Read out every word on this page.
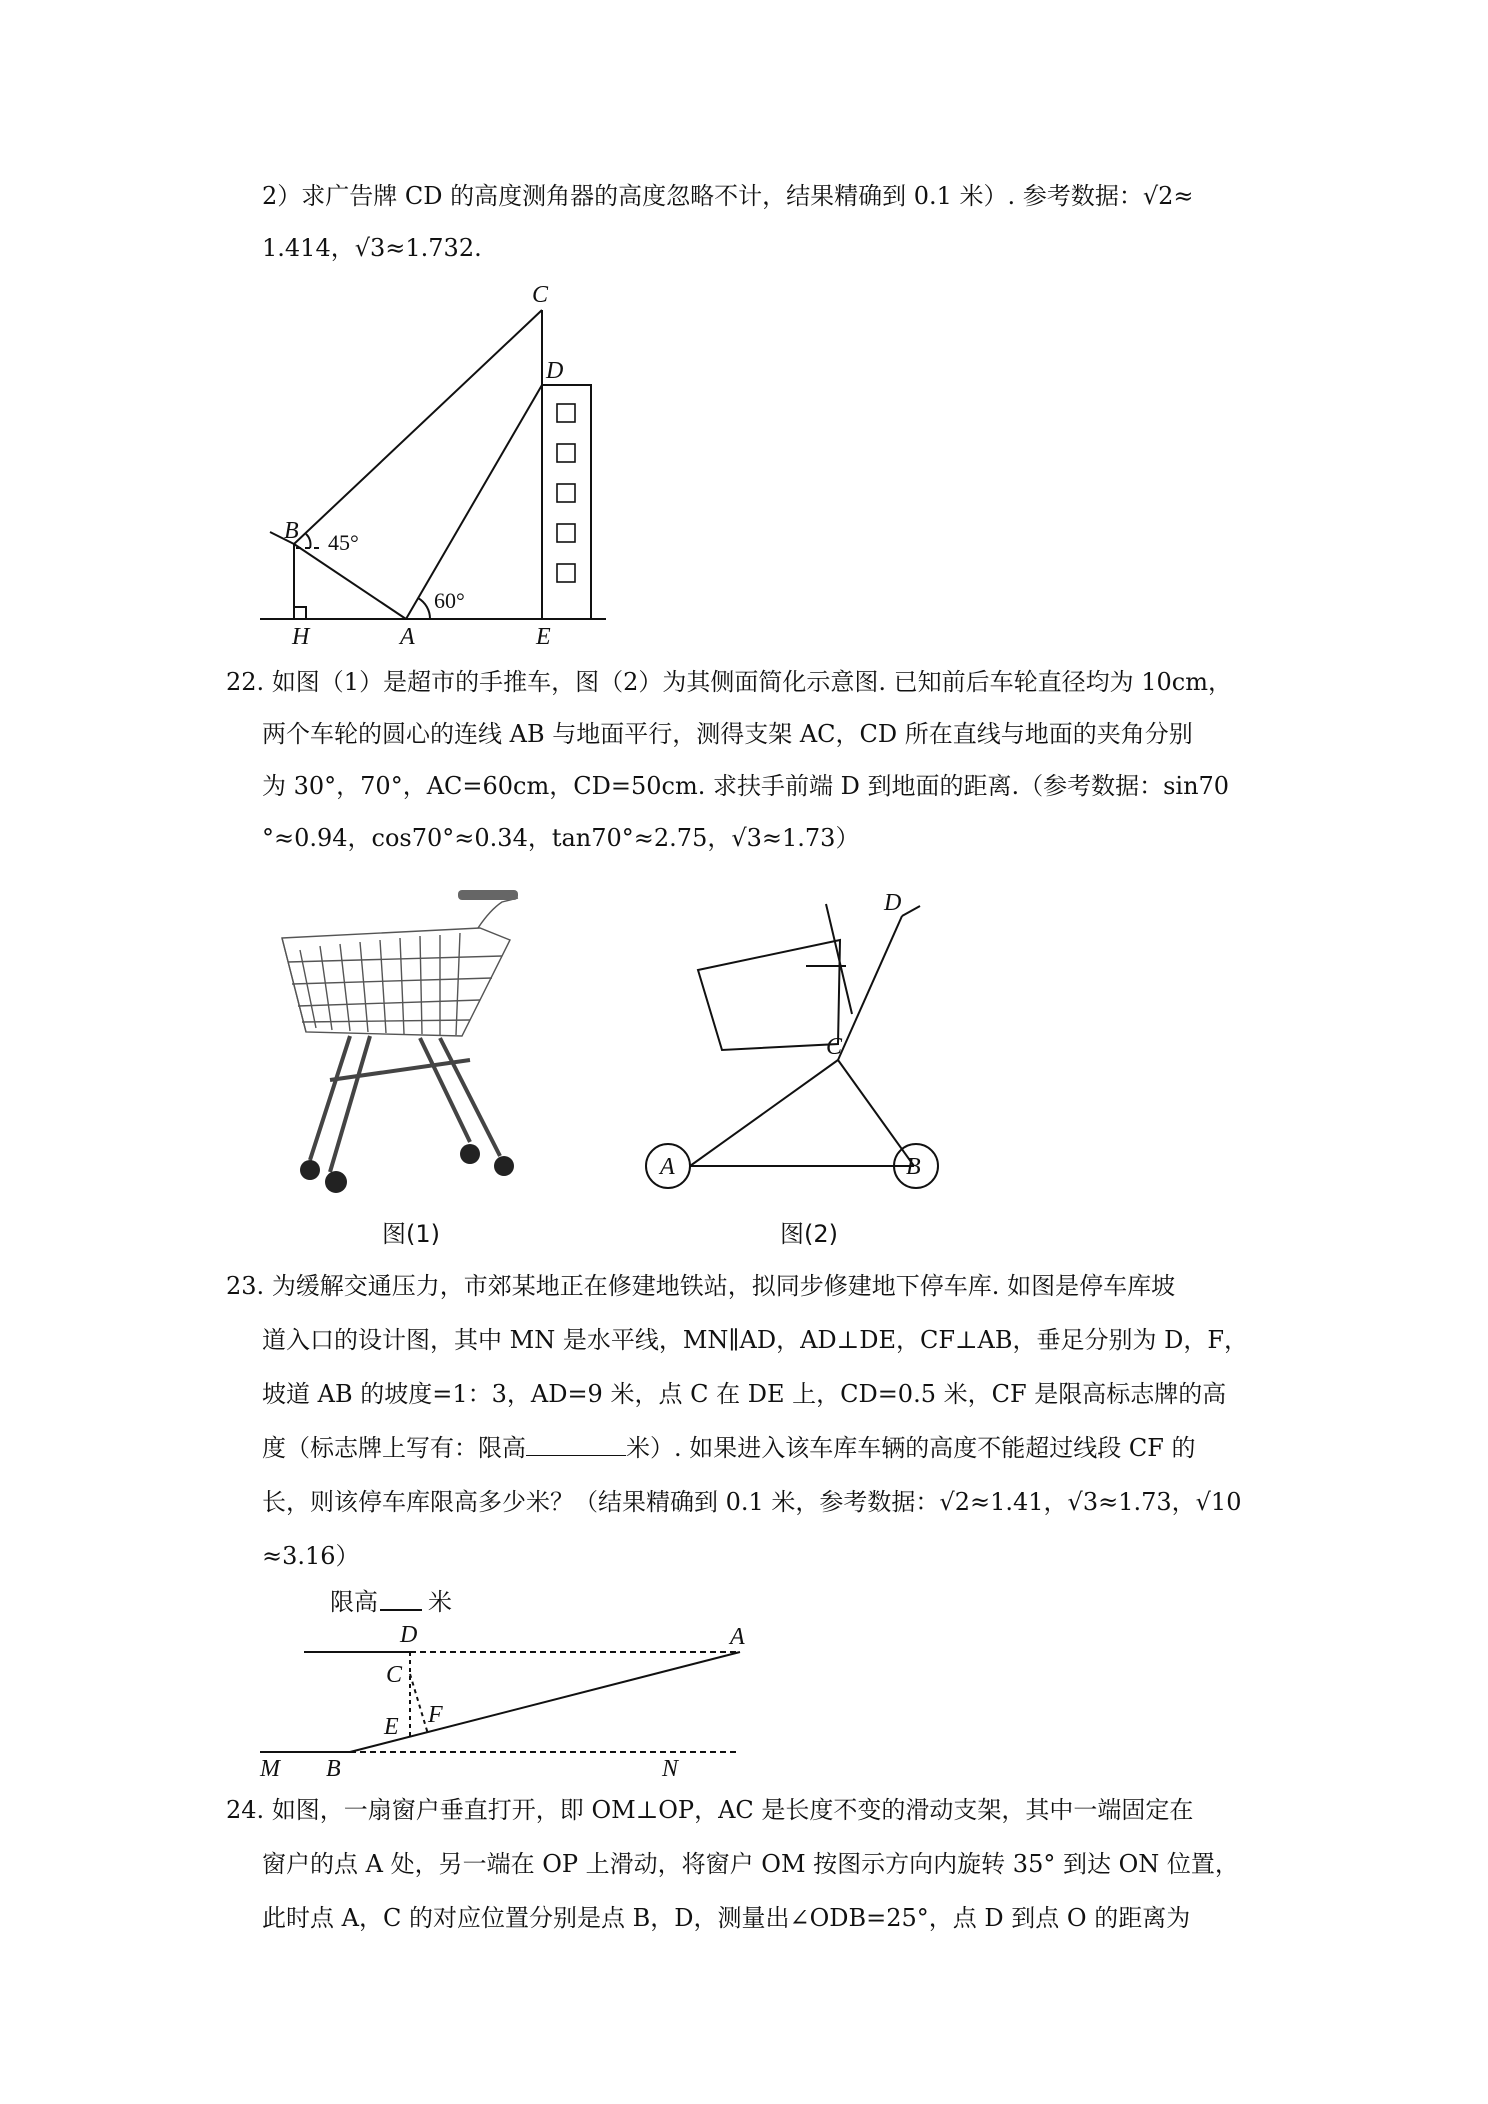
2）求广告牌 CD 的高度测角器的高度忽略不计，结果精确到 0.1 米）. 参考数据：√2≈
1.414，√3≈1.732.
C
D
B
H	A	E
45°
60°
22. 如图（1）是超市的手推车，图（2）为其侧面简化示意图. 已知前后车轮直径均为 10cm，
两个车轮的圆心的连线 AB 与地面平行，测得支架 AC，CD 所在直线与地面的夹角分别
为 30°，70°，AC=60cm，CD=50cm. 求扶手前端 D 到地面的距离.（参考数据：sin70
°≈0.94，cos70°≈0.34，tan70°≈2.75，√3≈1.73）
图(1)
D
C
A	B
图(2)
23. 为缓解交通压力，市郊某地正在修建地铁站，拟同步修建地下停车库. 如图是停车库坡
道入口的设计图，其中 MN 是水平线，MN∥AD，AD⊥DE，CF⊥AB，垂足分别为 D，F，
坡道 AB 的坡度=1：3，AD=9 米，点 C 在 DE 上，CD=0.5 米，CF 是限高标志牌的高
度（标志牌上写有：限高	米）. 如果进入该车库车辆的高度不能超过线段 CF 的
长，则该停车库限高多少米？（结果精确到 0.1 米，参考数据：√2≈1.41，√3≈1.73，√10
≈3.16）
限高 米
D	A
C
F
E
M B	N
24. 如图，一扇窗户垂直打开，即 OM⊥OP，AC 是长度不变的滑动支架，其中一端固定在
窗户的点 A 处，另一端在 OP 上滑动，将窗户 OM 按图示方向内旋转 35° 到达 ON 位置，
此时点 A，C 的对应位置分别是点 B，D，测量出∠ODB=25°，点 D 到点 O 的距离为
